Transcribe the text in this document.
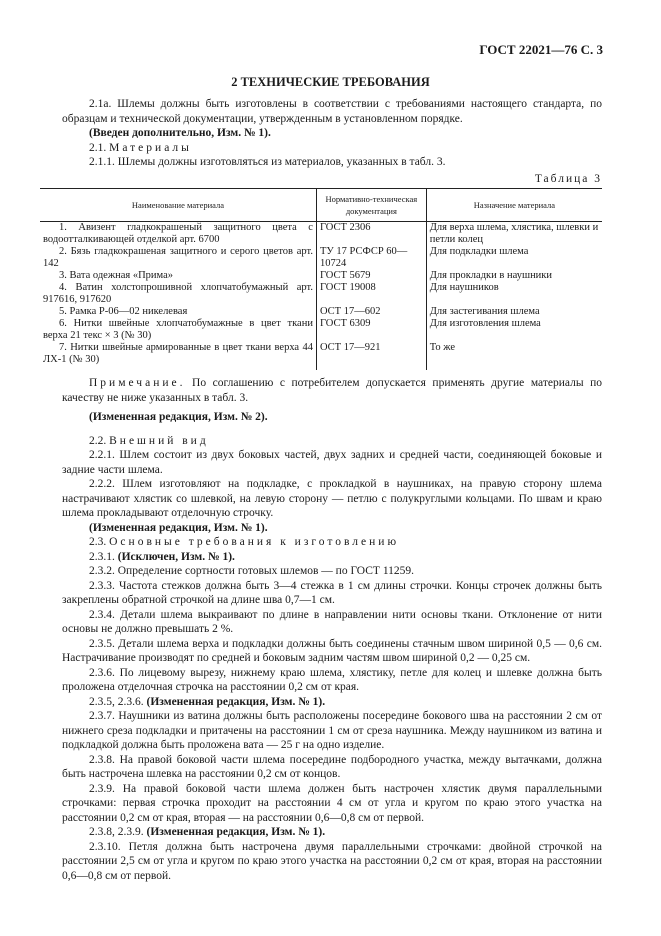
ГОСТ 22021—76 С. 3
2 ТЕХНИЧЕСКИЕ ТРЕБОВАНИЯ

2.1а. Шлемы должны быть изготовлены в соответствии с требованиями настоящего стандарта, по образцам и технической документации, утвержденным в установленном порядке.

(Введен дополнительно, Изм. № 1).

2.1. Материалы

2.1.1. Шлемы должны изготовляться из материалов, указанных в табл. 3.

Таблица 3
Наименование материала	Нормативно-техническая документация	Назначение материала
1. Авизент гладкокрашеный защитного цвета с водоотталкивающей отделкой арт. 6700	ГОСТ 2306	Для верха шлема, хлястика, шлевки и петли колец
2. Бязь гладкокрашеная защитного и серого цветов арт. 142	ТУ 17 РСФСР 60—10724	Для подкладки шлема
3. Вата одежная «Прима»	ГОСТ 5679	Для прокладки в наушники
4. Ватин холстопрошивной хлопчатобумажный арт. 917616, 917620	ГОСТ 19008	Для наушников
5. Рамка Р-06—02 никелевая	ОСТ 17—602	Для застегивания шлема
6. Нитки швейные хлопчатобумажные в цвет ткани верха 21 текс × 3 (№ 30)	ГОСТ 6309	Для изготовления шлема
7. Нитки швейные армированные в цвет ткани верха 44 ЛХ-1 (№ 30)	ОСТ 17—921	То же

Примечание. По соглашению с потребителем допускается применять другие материалы по качеству не ниже указанных в табл. 3.

(Измененная редакция, Изм. № 2).

2.2. Внешний вид

2.2.1. Шлем состоит из двух боковых частей, двух задних и средней части, соединяющей боковые и задние части шлема.

2.2.2. Шлем изготовляют на подкладке, с прокладкой в наушниках, на правую сторону шлема настрачивают хлястик со шлевкой, на левую сторону — петлю с полукруглыми кольцами. По швам и краю шлема прокладывают отделочную строчку.

(Измененная редакция, Изм. № 1).

2.3. Основные требования к изготовлению

2.3.1. (Исключен, Изм. № 1).

2.3.2. Определение сортности готовых шлемов — по ГОСТ 11259.

2.3.3. Частота стежков должна быть 3—4 стежка в 1 см длины строчки. Концы строчек должны быть закреплены обратной строчкой на длине шва 0,7—1 см.

2.3.4. Детали шлема выкраивают по длине в направлении нити основы ткани. Отклонение от нити основы не должно превышать 2 %.

2.3.5. Детали шлема верха и подкладки должны быть соединены стачным швом шириной 0,5 — 0,6 см. Настрачивание производят по средней и боковым задним частям швом шириной 0,2 — 0,25 см.

2.3.6. По лицевому вырезу, нижнему краю шлема, хлястику, петле для колец и шлевке должна быть проложена отделочная строчка на расстоянии 0,2 см от края.

2.3.5, 2.3.6. (Измененная редакция, Изм. № 1).

2.3.7. Наушники из ватина должны быть расположены посередине бокового шва на расстоянии 2 см от нижнего среза подкладки и притачены на расстоянии 1 см от среза наушника. Между наушником из ватина и подкладкой должна быть проложена вата — 25 г на одно изделие.

2.3.8. На правой боковой части шлема посередине подбородного участка, между вытачками, должна быть настрочена шлевка на расстоянии 0,2 см от концов.

2.3.9. На правой боковой части шлема должен быть настрочен хлястик двумя параллельными строчками: первая строчка проходит на расстоянии 4 см от угла и кругом по краю этого участка на расстоянии 0,2 см от края, вторая — на расстоянии 0,6—0,8 см от первой.

2.3.8, 2.3.9. (Измененная редакция, Изм. № 1).

2.3.10. Петля должна быть настрочена двумя параллельными строчками: двойной строчкой на расстоянии 2,5 см от угла и кругом по краю этого участка на расстоянии 0,2 см от края, вторая на расстоянии 0,6—0,8 см от первой.
